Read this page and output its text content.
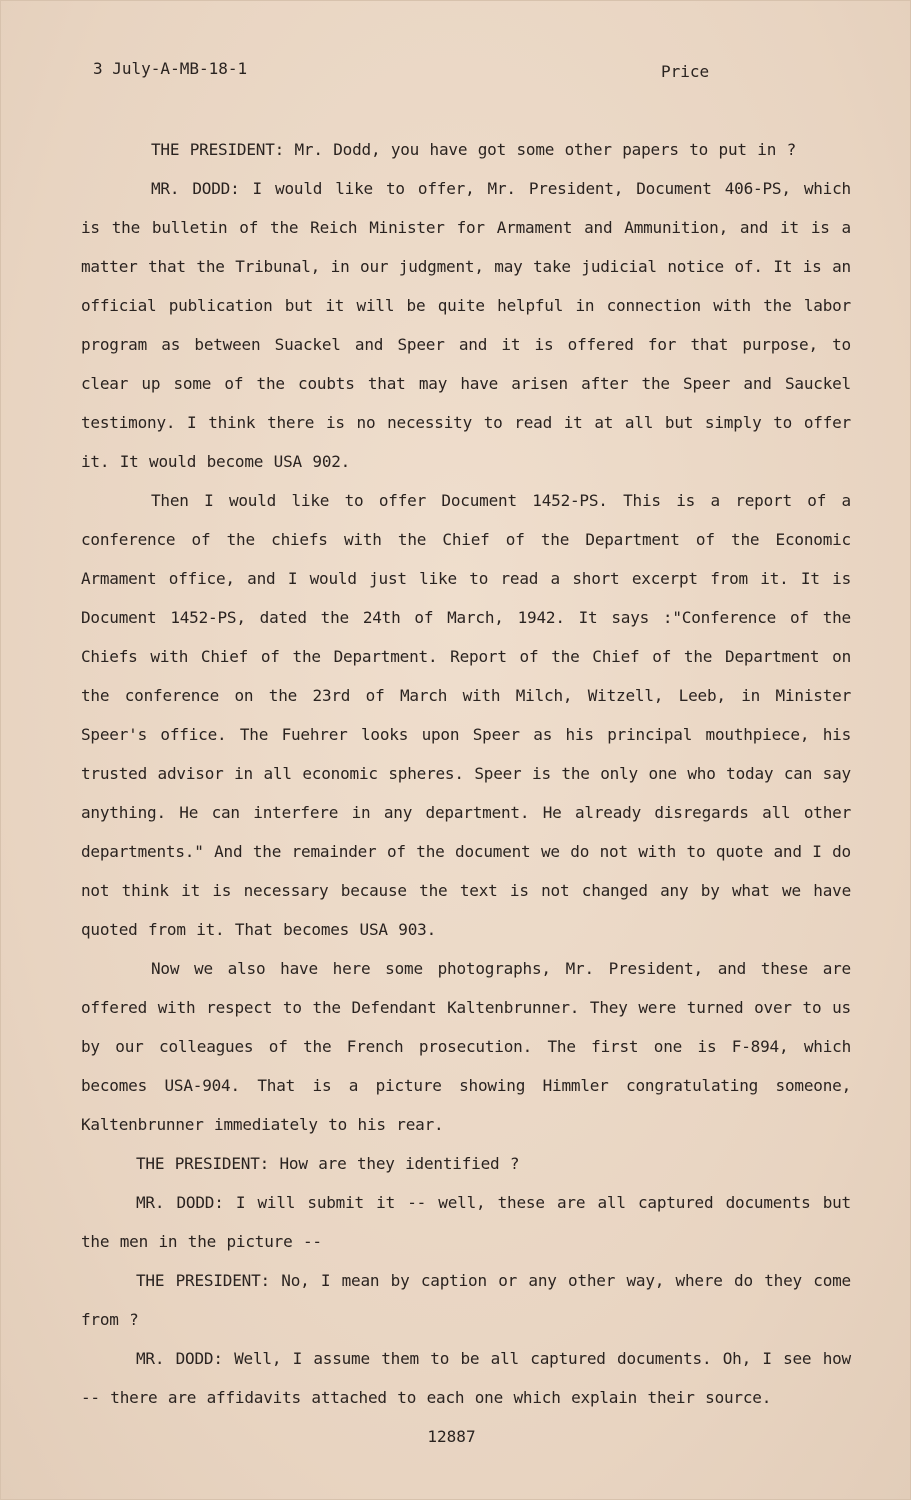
3 July-A-MB-18-1	Price

THE PRESIDENT: Mr. Dodd, you have got some other papers to put in ?

MR. DODD: I would like to offer, Mr. President, Document 406-PS, which is the bulletin of the Reich Minister for Armament and Ammunition, and it is a matter that the Tribunal, in our judgment, may take judicial notice of. It is an official publication but it will be quite helpful in connection with the labor program as between Suackel and Speer and it is offered for that purpose, to clear up some of the coubts that may have arisen after the Speer and Sauckel testimony. I think there is no necessity to read it at all but simply to offer it. It would become USA 902.

Then I would like to offer Document 1452-PS. This is a report of a conference of the chiefs with the Chief of the Department of the Economic Armament office, and I would just like to read a short excerpt from it. It is Document 1452-PS, dated the 24th of March, 1942. It says :"Conference of the Chiefs with Chief of the Department. Report of the Chief of the Department on the conference on the 23rd of March with Milch, Witzell, Leeb, in Minister Speer's office. The Fuehrer looks upon Speer as his principal mouthpiece, his trusted advisor in all economic spheres. Speer is the only one who today can say anything. He can interfere in any department. He already disregards all other departments." And the remainder of the document we do not with to quote and I do not think it is necessary because the text is not changed any by what we have quoted from it. That becomes USA 903.

Now we also have here some photographs, Mr. President, and these are offered with respect to the Defendant Kaltenbrunner. They were turned over to us by our colleagues of the French prosecution. The first one is F-894, which becomes USA-904. That is a picture showing Himmler congratulating someone, Kaltenbrunner immediately to his rear.

THE PRESIDENT: How are they identified ?

MR. DODD: I will submit it -- well, these are all captured documents but the men in the picture --

THE PRESIDENT: No, I mean by caption or any other way, where do they come from ?

MR. DODD: Well, I assume them to be all captured documents. Oh, I see how -- there are affidavits attached to each one which explain their source.

12887
